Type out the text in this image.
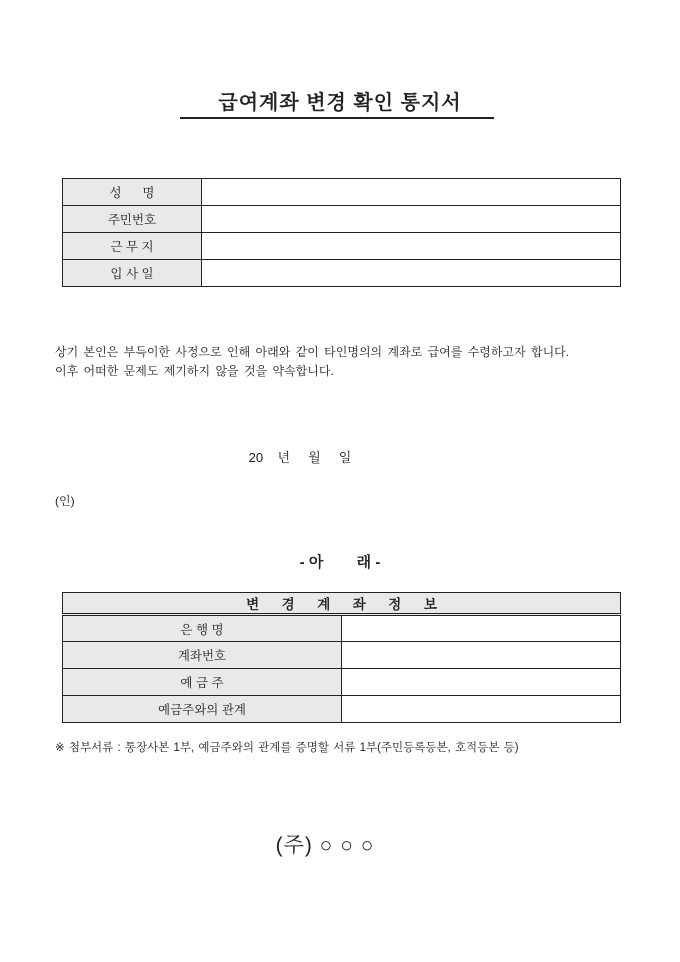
급여계좌 변경 확인 통지서
성      명	
주민번호	
근 무 지	
입 사 일	
상기 본인은 부득이한 사정으로 인해 아래와 같이 타인명의의 계좌로 급여를 수령하고자 합니다.
이후 어떠한 문제도 제기하지 않을 것을 약속합니다.
20    년     월     일
(인)
- 아        래 -
변      경      계      좌      정      보	
은 행 명	
계좌번호	
예 금 주	
예금주와의 관계	
※ 첨부서류 : 통장사본 1부, 예금주와의 관계를 증명할 서류 1부(주민등록등본, 호적등본 등)
(주) ○ ○ ○
